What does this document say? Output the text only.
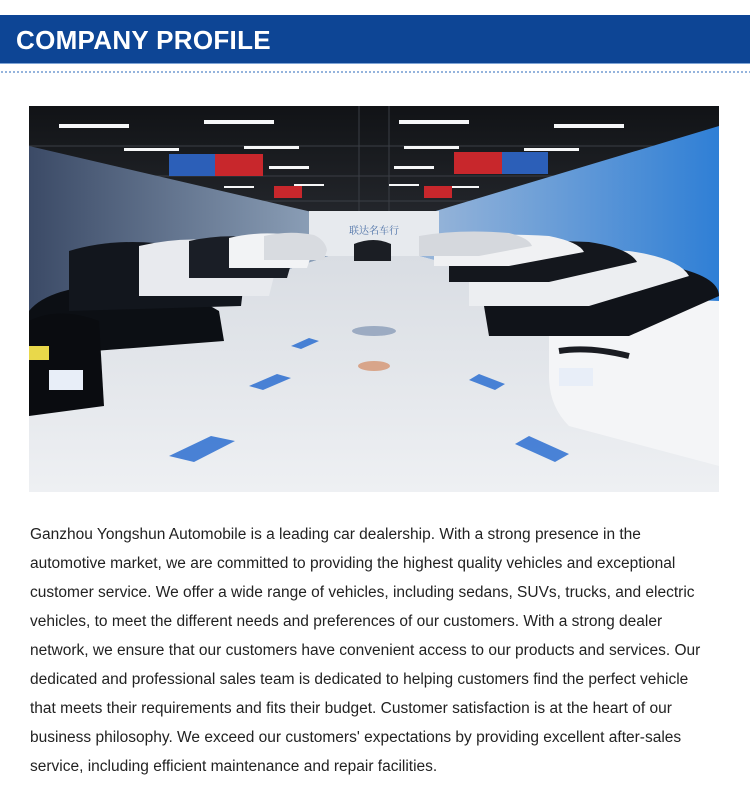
COMPANY PROFILE
联达名车行
Ganzhou Yongshun Automobile is a leading car dealership. With a strong presence in the
automotive market, we are committed to providing the highest quality vehicles and exceptional
customer service. We offer a wide range of vehicles, including sedans, SUVs, trucks, and electric
vehicles, to meet the different needs and preferences of our customers. With a strong dealer
network, we ensure that our customers have convenient access to our products and services. Our
dedicated and professional sales team is dedicated to helping customers find the perfect vehicle
that meets their requirements and fits their budget. Customer satisfaction is at the heart of our
business philosophy. We exceed our customers' expectations by providing excellent after-sales
service, including efficient maintenance and repair facilities.
